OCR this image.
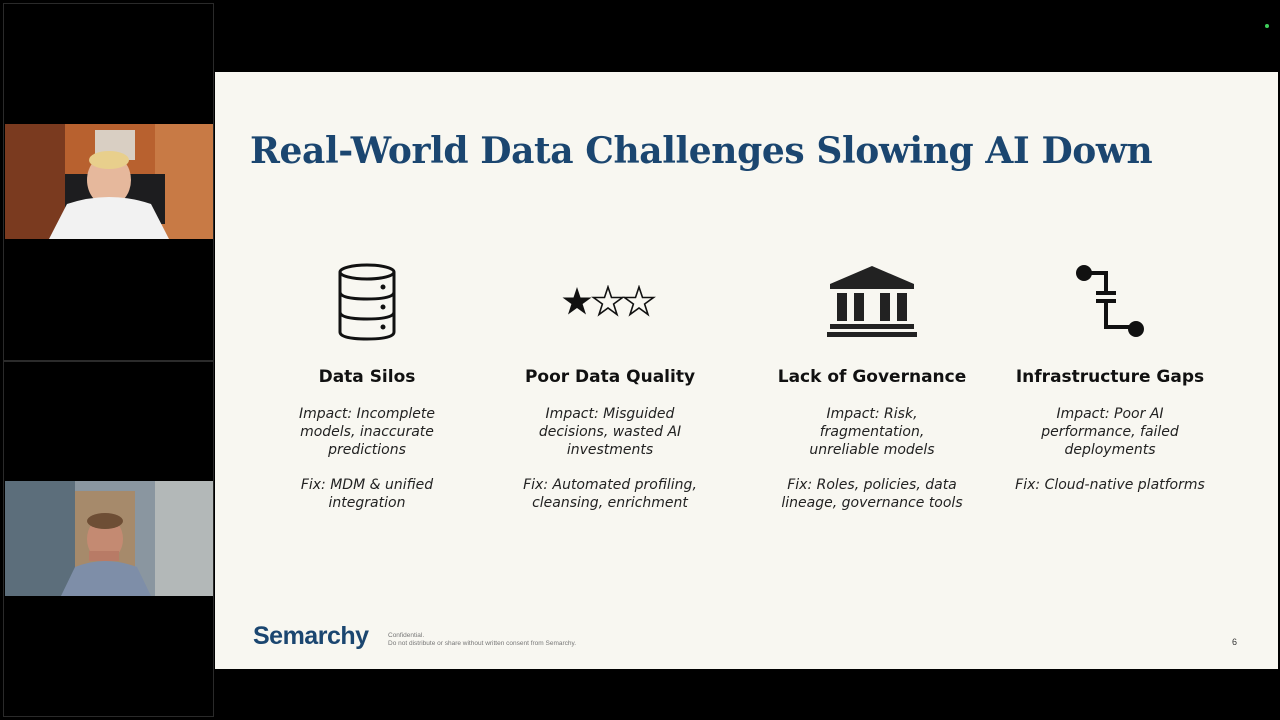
Real-World Data Challenges Slowing AI Down
Data Silos
Impact: Incomplete models, inaccurate predictions
Fix: MDM & unified integration
Poor Data Quality
Impact: Misguided decisions, wasted AI investments
Fix: Automated profiling, cleansing, enrichment
Lack of Governance
Impact: Risk, fragmentation, unreliable models
Fix: Roles, policies, data lineage, governance tools
Infrastructure Gaps
Impact: Poor AI performance, failed deployments
Fix: Cloud-native platforms
Semarchy	Confidential.
Do not distribute or share without written consent from Semarchy.	6
